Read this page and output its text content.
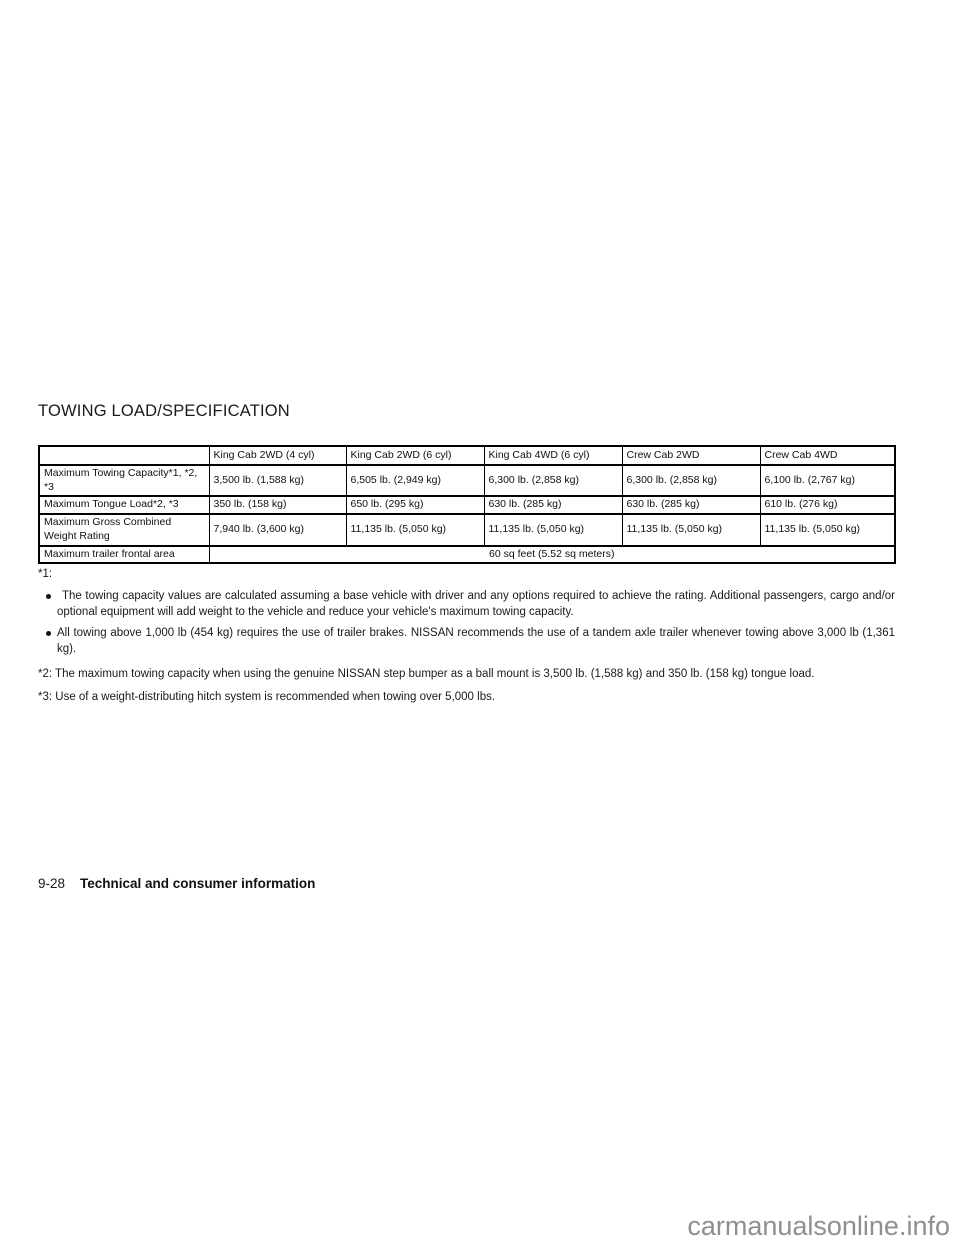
TOWING LOAD/SPECIFICATION
	King Cab 2WD (4 cyl)	King Cab 2WD (6 cyl)	King Cab 4WD (6 cyl)	Crew Cab 2WD	Crew Cab 4WD
Maximum Towing Capacity*1, *2, *3	3,500 lb. (1,588 kg)	6,505 lb. (2,949 kg)	6,300 lb. (2,858 kg)	6,300 lb. (2,858 kg)	6,100 lb. (2,767 kg)
Maximum Tongue Load*2, *3	350 lb. (158 kg)	650 lb. (295 kg)	630 lb. (285 kg)	630 lb. (285 kg)	610 lb. (276 kg)
Maximum Gross Combined Weight Rating	7,940 lb. (3,600 kg)	11,135 lb. (5,050 kg)	11,135 lb. (5,050 kg)	11,135 lb. (5,050 kg)	11,135 lb. (5,050 kg)
Maximum trailer frontal area	60 sq feet (5.52 sq meters)				

*1:

The towing capacity values are calculated assuming a base vehicle with driver and any options required to achieve the rating. Additional passengers, cargo and/or optional equipment will add weight to the vehicle and reduce your vehicle's maximum towing capacity.

All towing above 1,000 lb (454 kg) requires the use of trailer brakes. NISSAN recommends the use of a tandem axle trailer whenever towing above 3,000 lb (1,361 kg).

*2: The maximum towing capacity when using the genuine NISSAN step bumper as a ball mount is 3,500 lb. (1,588 kg) and 350 lb. (158 kg) tongue load.

*3: Use of a weight-distributing hitch system is recommended when towing over 5,000 lbs.

9-28 Technical and consumer information
carmanualsonline.info
